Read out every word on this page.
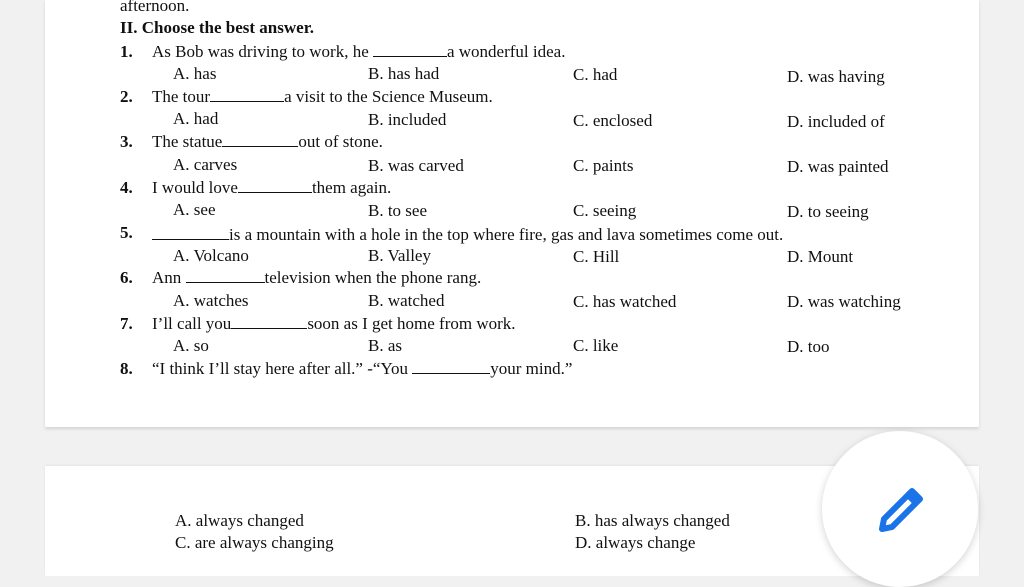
afternoon.
II. Choose the best answer.
1. As Bob was driving to work, he	a wonderful idea.
A. has	B. has had	C. had	D. was having
2. The tour	a visit to the Science Museum.
A. had	B. included	C. enclosed	D. included of
3. The statue	out of stone.
A. carves	B. was carved	C. paints	D. was painted
4. I would love	them again.
A. see	B. to see	C. seeing	D. to seeing
5.	is a mountain with a hole in the top where fire, gas and lava sometimes come out.
A. Volcano	B. Valley	C. Hill	D. Mount
6. Ann	television when the phone rang.
A. watches	B. watched	C. has watched	D. was watching
7. I’ll call you	soon as I get home from work.
A. so	B. as	C. like	D. too
8. “I think I’ll stay here after all.” -“You	your mind.”
A. always changed	B. has always changed
C. are always changing	D. always change
